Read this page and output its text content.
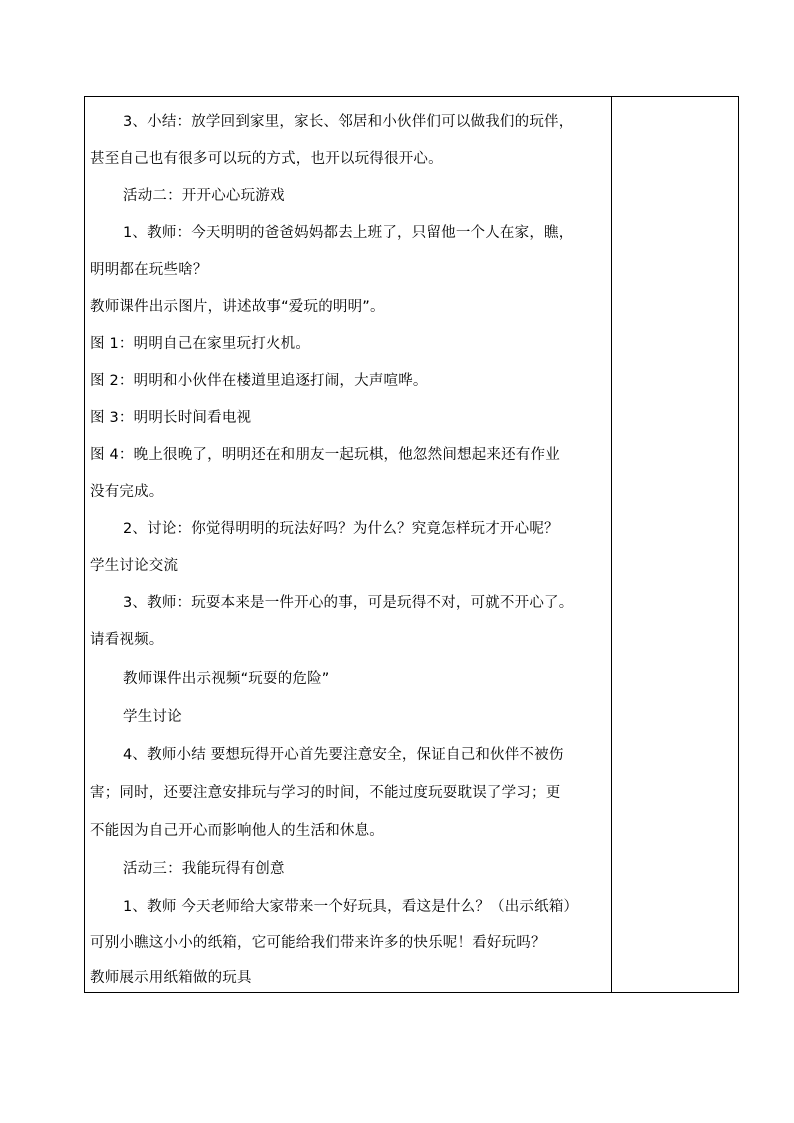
3、小结：放学回到家里，家长、邻居和小伙伴们可以做我们的玩伴，
甚至自己也有很多可以玩的方式，也开以玩得很开心。
活动二：开开心心玩游戏
1、教师：今天明明的爸爸妈妈都去上班了，只留他一个人在家，瞧，
明明都在玩些啥？
教师课件出示图片，讲述故事“爱玩的明明”。
图 1：明明自己在家里玩打火机。
图 2：明明和小伙伴在楼道里追逐打闹，大声喧哗。
图 3：明明长时间看电视
图 4：晚上很晚了，明明还在和朋友一起玩棋，他忽然间想起来还有作业
没有完成。
2、讨论：你觉得明明的玩法好吗？为什么？究竟怎样玩才开心呢？
学生讨论交流
3、教师：玩耍本来是一件开心的事，可是玩得不对，可就不开心了。
请看视频。
教师课件出示视频“玩耍的危险”
学生讨论
4、教师小结 要想玩得开心首先要注意安全，保证自己和伙伴不被伤
害；同时，还要注意安排玩与学习的时间，不能过度玩耍耽误了学习；更
不能因为自己开心而影响他人的生活和休息。
活动三：我能玩得有创意
1、教师 今天老师给大家带来一个好玩具，看这是什么？（出示纸箱）
可别小瞧这小小的纸箱，它可能给我们带来许多的快乐呢！看好玩吗？
教师展示用纸箱做的玩具
